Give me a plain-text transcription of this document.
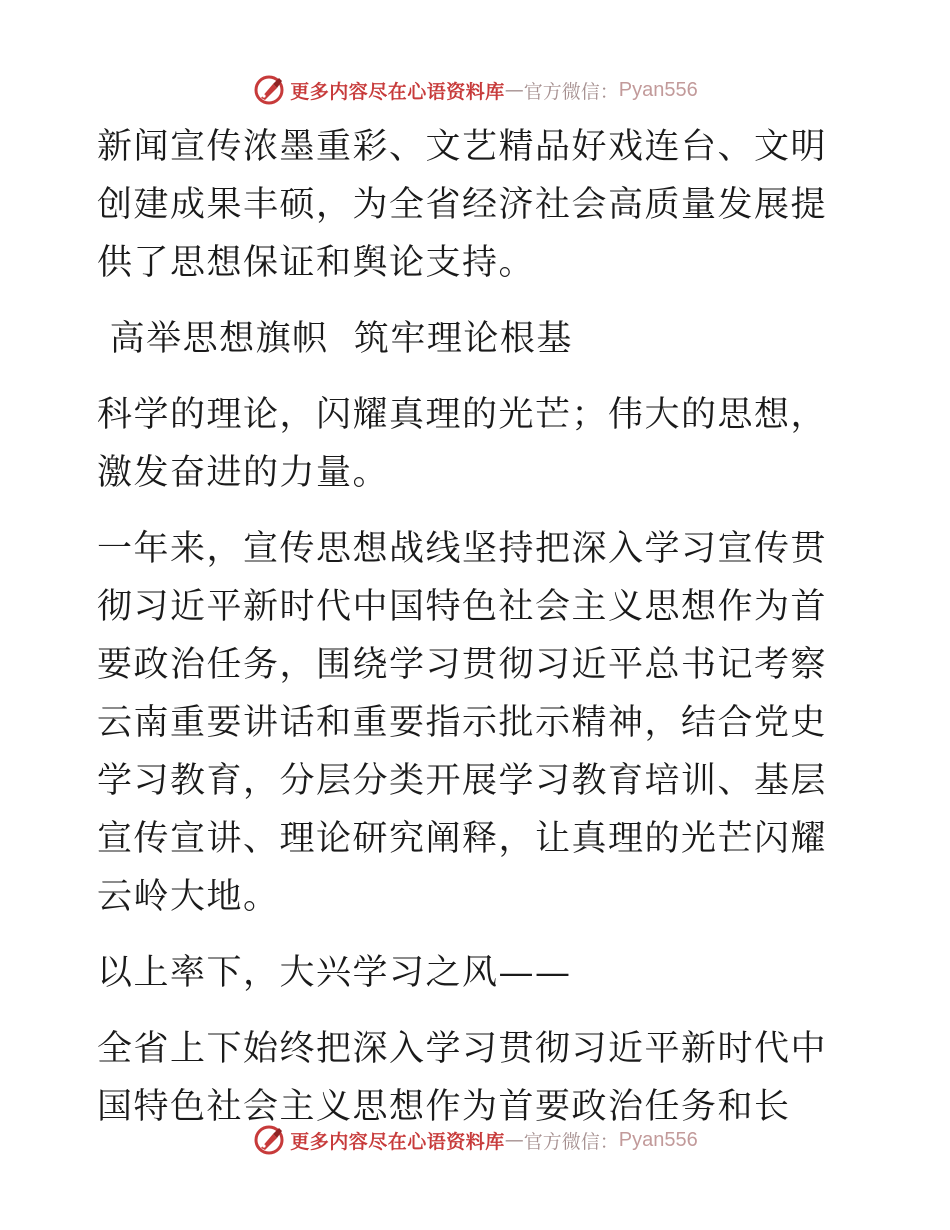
更多内容尽在心语资料库 — 官方微信： Pyan556

新闻宣传浓墨重彩、文艺精品好戏连台、文明创建成果丰硕，为全省经济社会高质量发展提供了思想保证和舆论支持。

高举思想旗帜  筑牢理论根基

科学的理论，闪耀真理的光芒；伟大的思想，激发奋进的力量。

一年来，宣传思想战线坚持把深入学习宣传贯彻习近平新时代中国特色社会主义思想作为首要政治任务，围绕学习贯彻习近平总书记考察云南重要讲话和重要指示批示精神，结合党史学习教育，分层分类开展学习教育培训、基层宣传宣讲、理论研究阐释，让真理的光芒闪耀云岭大地。

以上率下，大兴学习之风——

全省上下始终把深入学习贯彻习近平新时代中国特色社会主义思想作为首要政治任务和长

更多内容尽在心语资料库 — 官方微信： Pyan556
